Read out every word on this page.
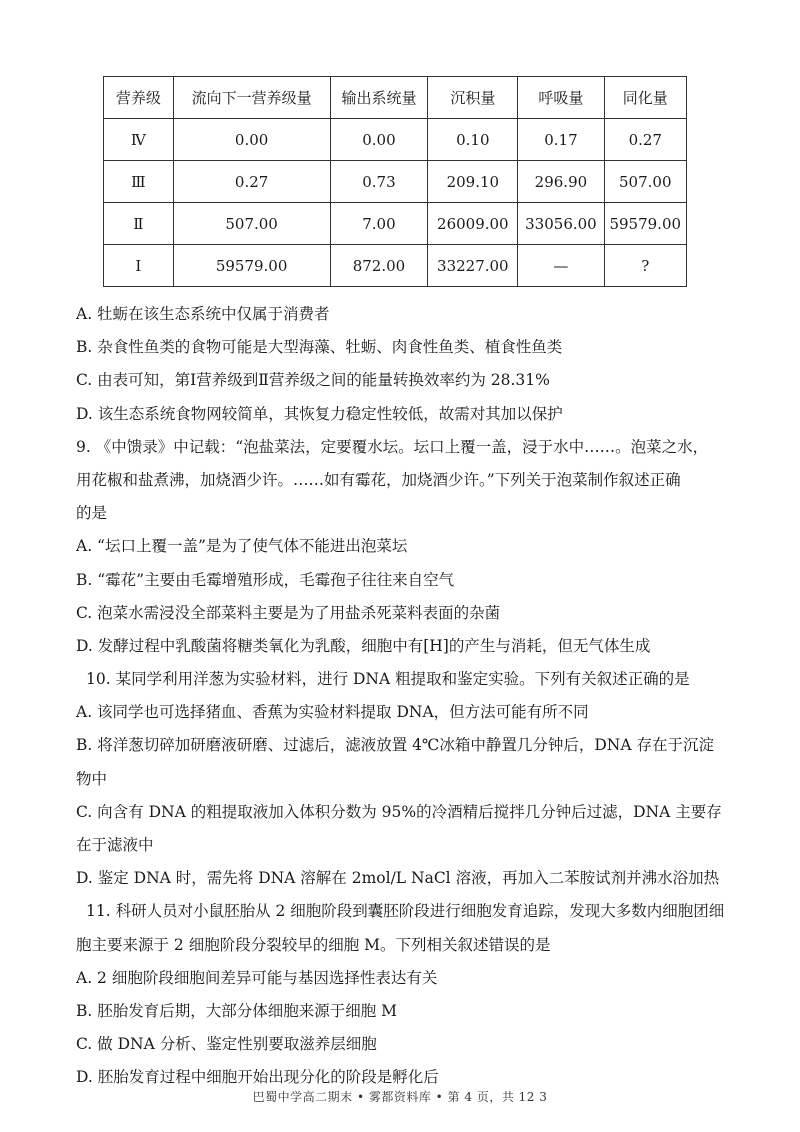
营养级	流向下一营养级量	输出系统量	沉积量	呼吸量	同化量
Ⅳ	0.00	0.00	0.10	0.17	0.27
Ⅲ	0.27	0.73	209.10	296.90	507.00
Ⅱ	507.00	7.00	26009.00	33056.00	59579.00
Ⅰ	59579.00	872.00	33227.00	—	?
A. 牡蛎在该生态系统中仅属于消费者
B. 杂食性鱼类的食物可能是大型海藻、牡蛎、肉食性鱼类、植食性鱼类
C. 由表可知，第Ⅰ营养级到Ⅱ营养级之间的能量转换效率约为 28.31%
D. 该生态系统食物网较简单，其恢复力稳定性较低，故需对其加以保护
9. 《中馈录》中记载：“泡盐菜法，定要覆水坛。坛口上覆一盖，浸于水中……。泡菜之水，
用花椒和盐煮沸，加烧酒少许。……如有霉花，加烧酒少许。”下列关于泡菜制作叙述正确
的是
A. “坛口上覆一盖”是为了使气体不能进出泡菜坛
B. “霉花”主要由毛霉增殖形成，毛霉孢子往往来自空气
C. 泡菜水需浸没全部菜料主要是为了用盐杀死菜料表面的杂菌
D. 发酵过程中乳酸菌将糖类氧化为乳酸，细胞中有[H]的产生与消耗，但无气体生成
10. 某同学利用洋葱为实验材料，进行 DNA 粗提取和鉴定实验。下列有关叙述正确的是
A. 该同学也可选择猪血、香蕉为实验材料提取 DNA，但方法可能有所不同
B. 将洋葱切碎加研磨液研磨、过滤后，滤液放置 4℃冰箱中静置几分钟后，DNA 存在于沉淀
物中
C. 向含有 DNA 的粗提取液加入体积分数为 95%的冷酒精后搅拌几分钟后过滤，DNA 主要存
在于滤液中
D. 鉴定 DNA 时，需先将 DNA 溶解在 2mol/L NaCl 溶液，再加入二苯胺试剂并沸水浴加热
11. 科研人员对小鼠胚胎从 2 细胞阶段到囊胚阶段进行细胞发育追踪，发现大多数内细胞团细
胞主要来源于 2 细胞阶段分裂较早的细胞 M。下列相关叙述错误的是
A. 2 细胞阶段细胞间差异可能与基因选择性表达有关
B. 胚胎发育后期，大部分体细胞来源于细胞 M
C. 做 DNA 分析、鉴定性别要取滋养层细胞
D. 胚胎发育过程中细胞开始出现分化的阶段是孵化后
巴蜀中学高二期末 • 雾都资料库 • 第 4 页，共 12 3
